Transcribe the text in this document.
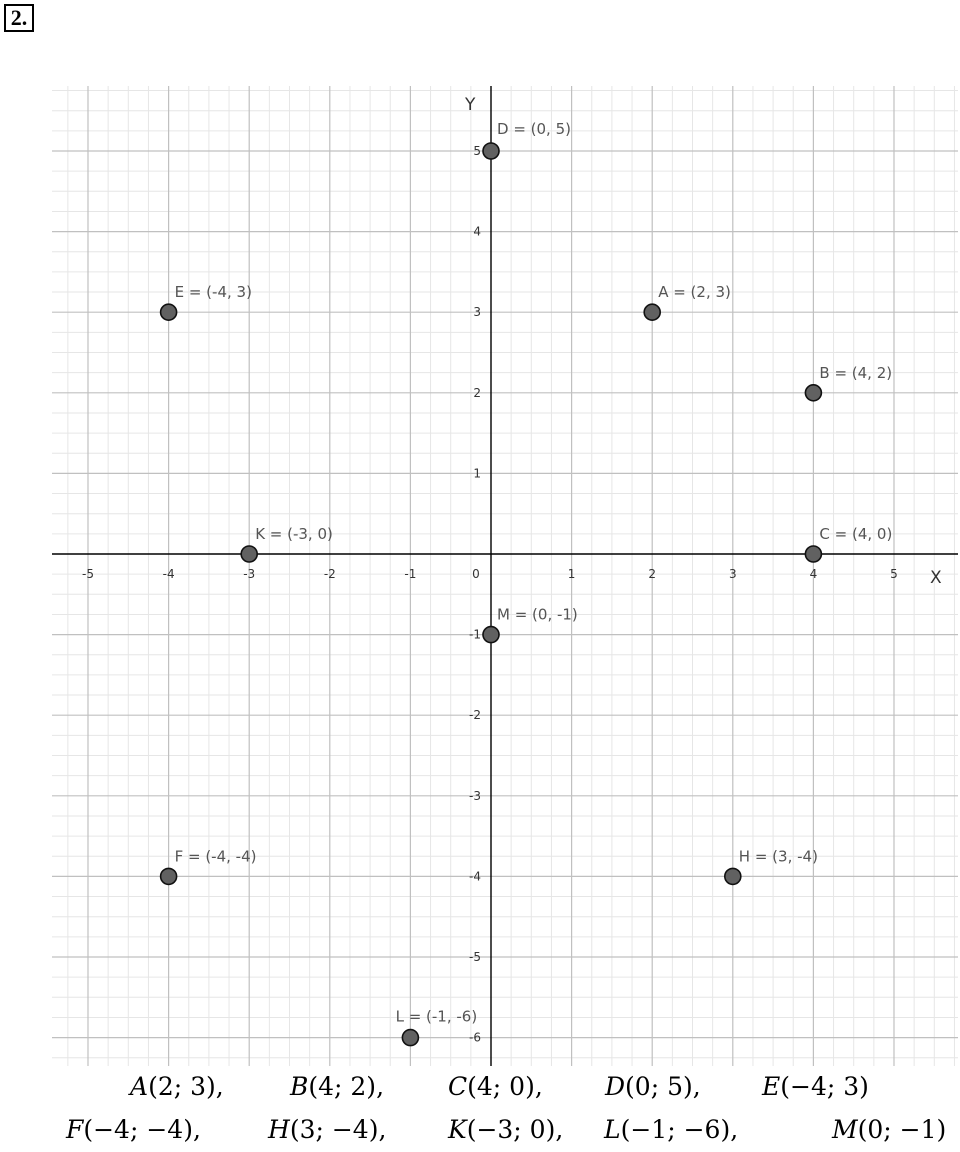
2.
X
Y
-5	-4	-3	-2	-1	1	2	3	4	5
5
4
3
2
1
-1
-2
-3
-4
-5
-6
0
D = (0, 5)
A = (2, 3)
E = (-4, 3)
B = (4, 2)
K = (-3, 0)	C = (4, 0)
M = (0, -1)
F = (-4, -4)	H = (3, -4)
L = (-1, -6)
A(2; 3),	B(4; 2),	C(4; 0), D(0; 5), E(−4; 3)
F(−4; −4),	H(3; −4), K(−3; 0), L(−1; −6),	M(0; −1)
